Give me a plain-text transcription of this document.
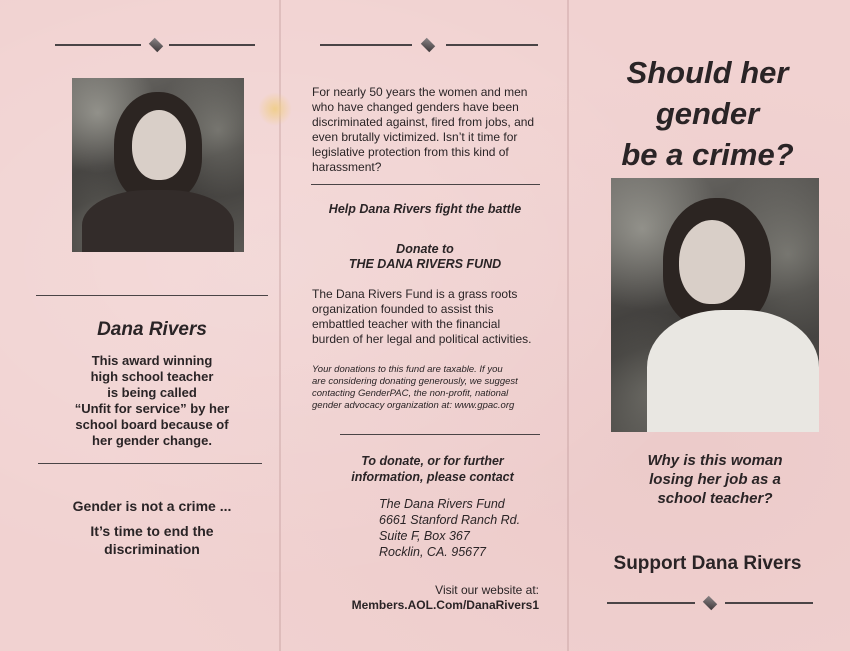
Dana Rivers
This award winning
high school teacher
is being called
“Unfit for service” by her
school board because of
her gender change.
Gender is not a crime ...
It’s time to end the
discrimination
For nearly 50 years the women and men
who have changed genders have been
discriminated against, fired from jobs, and
even brutally victimized. Isn’t it time for
legislative protection from this kind of
harassment?
Help Dana Rivers fight the battle
Donate to
THE DANA RIVERS FUND
The Dana Rivers Fund is a grass roots
organization founded to assist this
embattled teacher with the financial
burden of her legal and political activities.
Your donations to this fund are taxable. If you
are considering donating generously, we suggest
contacting GenderPAC, the non-profit, national
gender advocacy organization at: www.gpac.org
To donate, or for further
information, please contact
The Dana Rivers Fund
6661 Stanford Ranch Rd.
Suite F, Box 367
Rocklin, CA. 95677
Visit our website at:
Members.AOL.Com/DanaRivers1
Should her
gender
be a crime?
Why is this woman
losing her job as a
school teacher?
Support Dana Rivers
